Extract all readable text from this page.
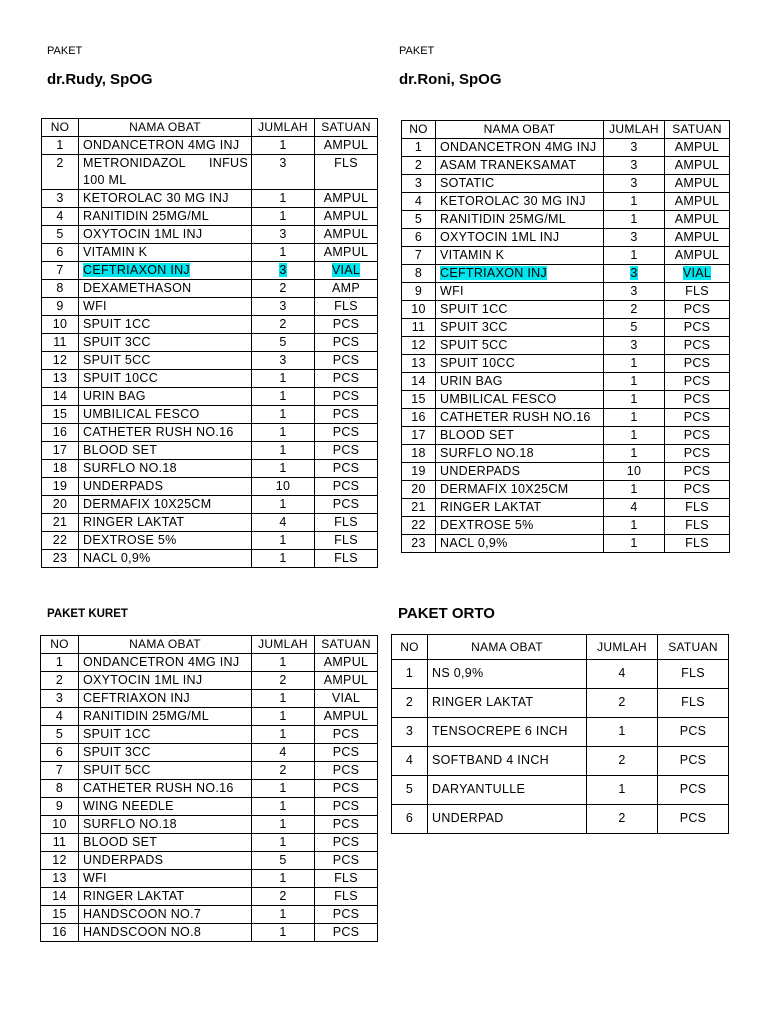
PAKET
dr.Rudy, SpOG
NO	NAMA OBAT	JUMLAH	SATUAN
1	ONDANCETRON 4MG INJ	1	AMPUL
2	METRONIDAZOL INFUS 100 ML	3	FLS
3	KETOROLAC 30 MG INJ	1	AMPUL
4	RANITIDIN 25MG/ML	1	AMPUL
5	OXYTOCIN 1ML INJ	3	AMPUL
6	VITAMIN K	1	AMPUL
7	CEFTRIAXON INJ	3	VIAL
8	DEXAMETHASON	2	AMP
9	WFI	3	FLS
10	SPUIT 1CC	2	PCS
11	SPUIT 3CC	5	PCS
12	SPUIT 5CC	3	PCS
13	SPUIT 10CC	1	PCS
14	URIN BAG	1	PCS
15	UMBILICAL FESCO	1	PCS
16	CATHETER RUSH NO.16	1	PCS
17	BLOOD SET	1	PCS
18	SURFLO NO.18	1	PCS
19	UNDERPADS	10	PCS
20	DERMAFIX 10X25CM	1	PCS
21	RINGER LAKTAT	4	FLS
22	DEXTROSE 5%	1	FLS
23	NACL 0,9%	1	FLS
PAKET
dr.Roni, SpOG
NO	NAMA OBAT	JUMLAH	SATUAN
1	ONDANCETRON 4MG INJ	3	AMPUL
2	ASAM TRANEKSAMAT	3	AMPUL
3	SOTATIC	3	AMPUL
4	KETOROLAC 30 MG INJ	1	AMPUL
5	RANITIDIN 25MG/ML	1	AMPUL
6	OXYTOCIN 1ML INJ	3	AMPUL
7	VITAMIN K	1	AMPUL
8	CEFTRIAXON INJ	3	VIAL
9	WFI	3	FLS
10	SPUIT 1CC	2	PCS
11	SPUIT 3CC	5	PCS
12	SPUIT 5CC	3	PCS
13	SPUIT 10CC	1	PCS
14	URIN BAG	1	PCS
15	UMBILICAL FESCO	1	PCS
16	CATHETER RUSH NO.16	1	PCS
17	BLOOD SET	1	PCS
18	SURFLO NO.18	1	PCS
19	UNDERPADS	10	PCS
20	DERMAFIX 10X25CM	1	PCS
21	RINGER LAKTAT	4	FLS
22	DEXTROSE 5%	1	FLS
23	NACL 0,9%	1	FLS
PAKET KURET
NO	NAMA OBAT	JUMLAH	SATUAN
1	ONDANCETRON 4MG INJ	1	AMPUL
2	OXYTOCIN 1ML INJ	2	AMPUL
3	CEFTRIAXON INJ	1	VIAL
4	RANITIDIN 25MG/ML	1	AMPUL
5	SPUIT 1CC	1	PCS
6	SPUIT 3CC	4	PCS
7	SPUIT 5CC	2	PCS
8	CATHETER RUSH NO.16	1	PCS
9	WING NEEDLE	1	PCS
10	SURFLO NO.18	1	PCS
11	BLOOD SET	1	PCS
12	UNDERPADS	5	PCS
13	WFI	1	FLS
14	RINGER LAKTAT	2	FLS
15	HANDSCOON NO.7	1	PCS
16	HANDSCOON NO.8	1	PCS
PAKET ORTO
NO	NAMA OBAT	JUMLAH	SATUAN
1	NS 0,9%	4	FLS
2	RINGER LAKTAT	2	FLS
3	TENSOCREPE 6 INCH	1	PCS
4	SOFTBAND 4 INCH	2	PCS
5	DARYANTULLE	1	PCS
6	UNDERPAD	2	PCS
